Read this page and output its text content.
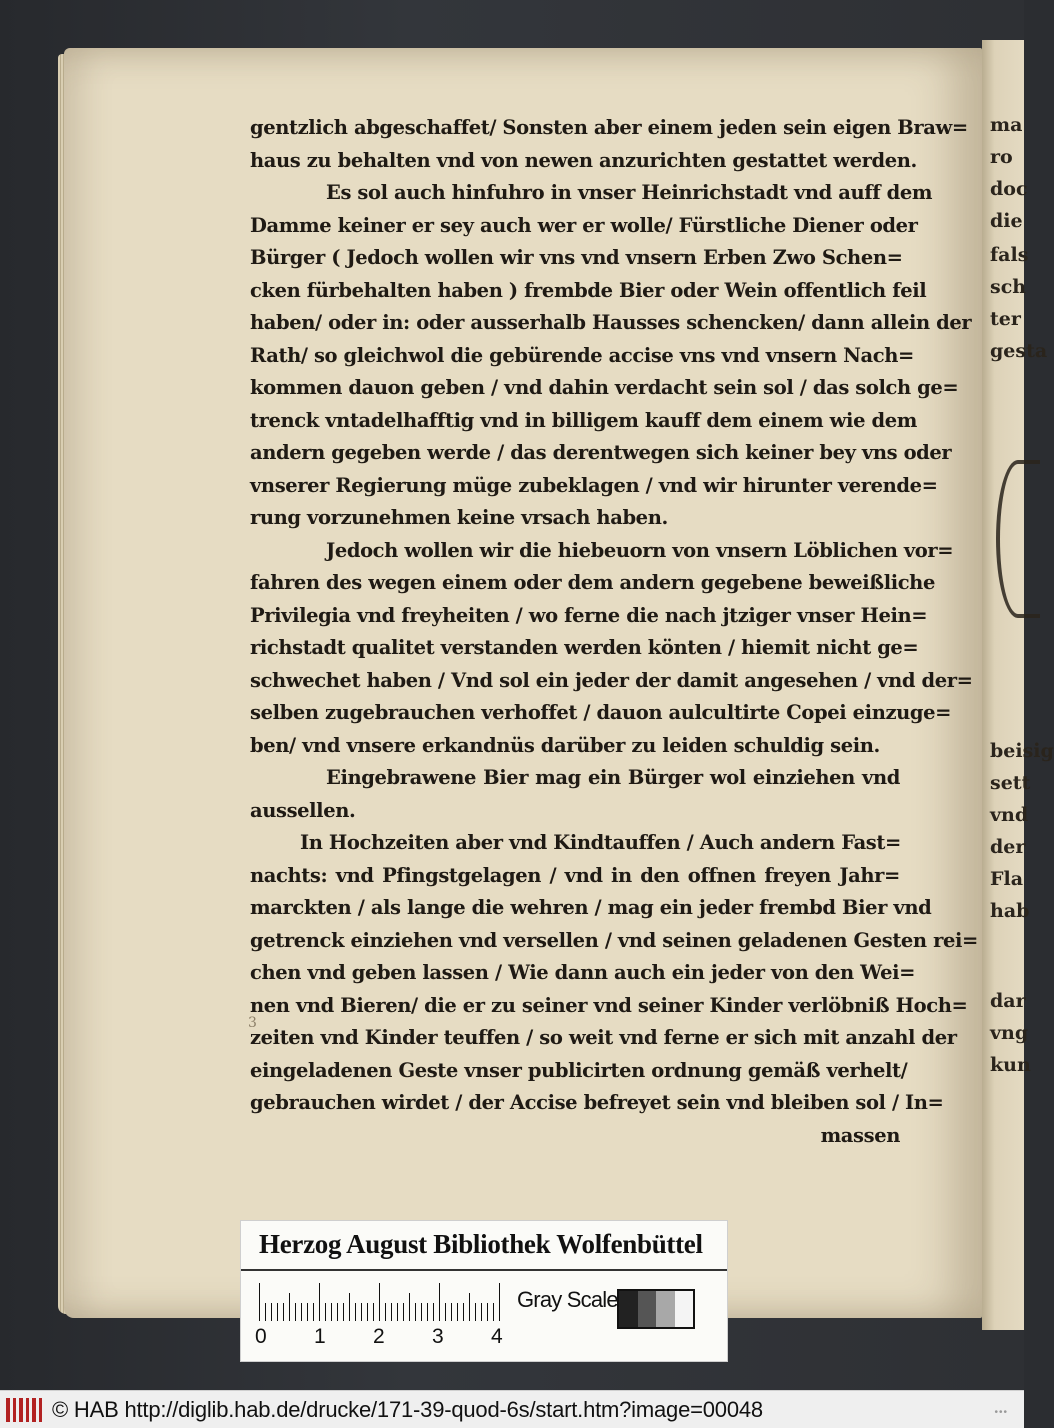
ma
ro
doc
die
fals
sch
ter
gesta
beisig
sett
vnd
der
Fla
hab
dar
vng
kun
gentzlich abgeschaffet/ Sonsten aber einem jeden sein eigen Braw=
haus zu behalten vnd von newen anzurichten gestattet werden.
Es sol auch hinfuhro in vnser Heinrichstadt vnd auff dem
Damme keiner er sey auch wer er wolle/ Fürstliche Diener oder
Bürger ( Jedoch wollen wir vns vnd vnsern Erben Zwo Schen=
cken fürbehalten haben ) frembde Bier oder Wein offentlich feil
haben/ oder in: oder ausserhalb Hausses schencken/ dann allein der
Rath/ so gleichwol die gebürende accise vns vnd vnsern Nach=
kommen dauon geben / vnd dahin verdacht sein sol / das solch ge=
trenck vntadelhafftig vnd in billigem kauff dem einem wie dem
andern gegeben werde / das derentwegen sich keiner bey vns oder
vnserer Regierung müge zubeklagen / vnd wir hirunter verende=
rung vorzunehmen keine vrsach haben.
Jedoch wollen wir die hiebeuorn von vnsern Löblichen vor=
fahren des wegen einem oder dem andern gegebene beweißliche
Privilegia vnd freyheiten / wo ferne die nach jtziger vnser Hein=
richstadt qualitet verstanden werden könten / hiemit nicht ge=
schwechet haben / Vnd sol ein jeder der damit angesehen / vnd der=
selben zugebrauchen verhoffet / dauon aulcultirte Copei einzuge=
ben/ vnd vnsere erkandnüs darüber zu leiden schuldig sein.
Eingebrawene Bier mag ein Bürger wol einziehen vnd
aussellen.
In Hochzeiten aber vnd Kindtauffen / Auch andern Fast=
nachts: vnd Pfingstgelagen / vnd in den offnen freyen Jahr=
marckten / als lange die wehren / mag ein jeder frembd Bier vnd
getrenck einziehen vnd versellen / vnd seinen geladenen Gesten rei=
chen vnd geben lassen / Wie dann auch ein jeder von den Wei=
nen vnd Bieren/ die er zu seiner vnd seiner Kinder verlöbniß Hoch=
zeiten vnd Kinder teuffen / so weit vnd ferne er sich mit anzahl der
eingeladenen Geste vnser publicirten ordnung gemäß verhelt/
gebrauchen wirdet / der Accise befreyet sein vnd bleiben sol / In=
massen
3
Herzog August Bibliothek Wolfenbüttel
0 1 2 3 4
Gray Scale
© HAB http://diglib.hab.de/drucke/171-39-quod-6s/start.htm?image=00048	•••
